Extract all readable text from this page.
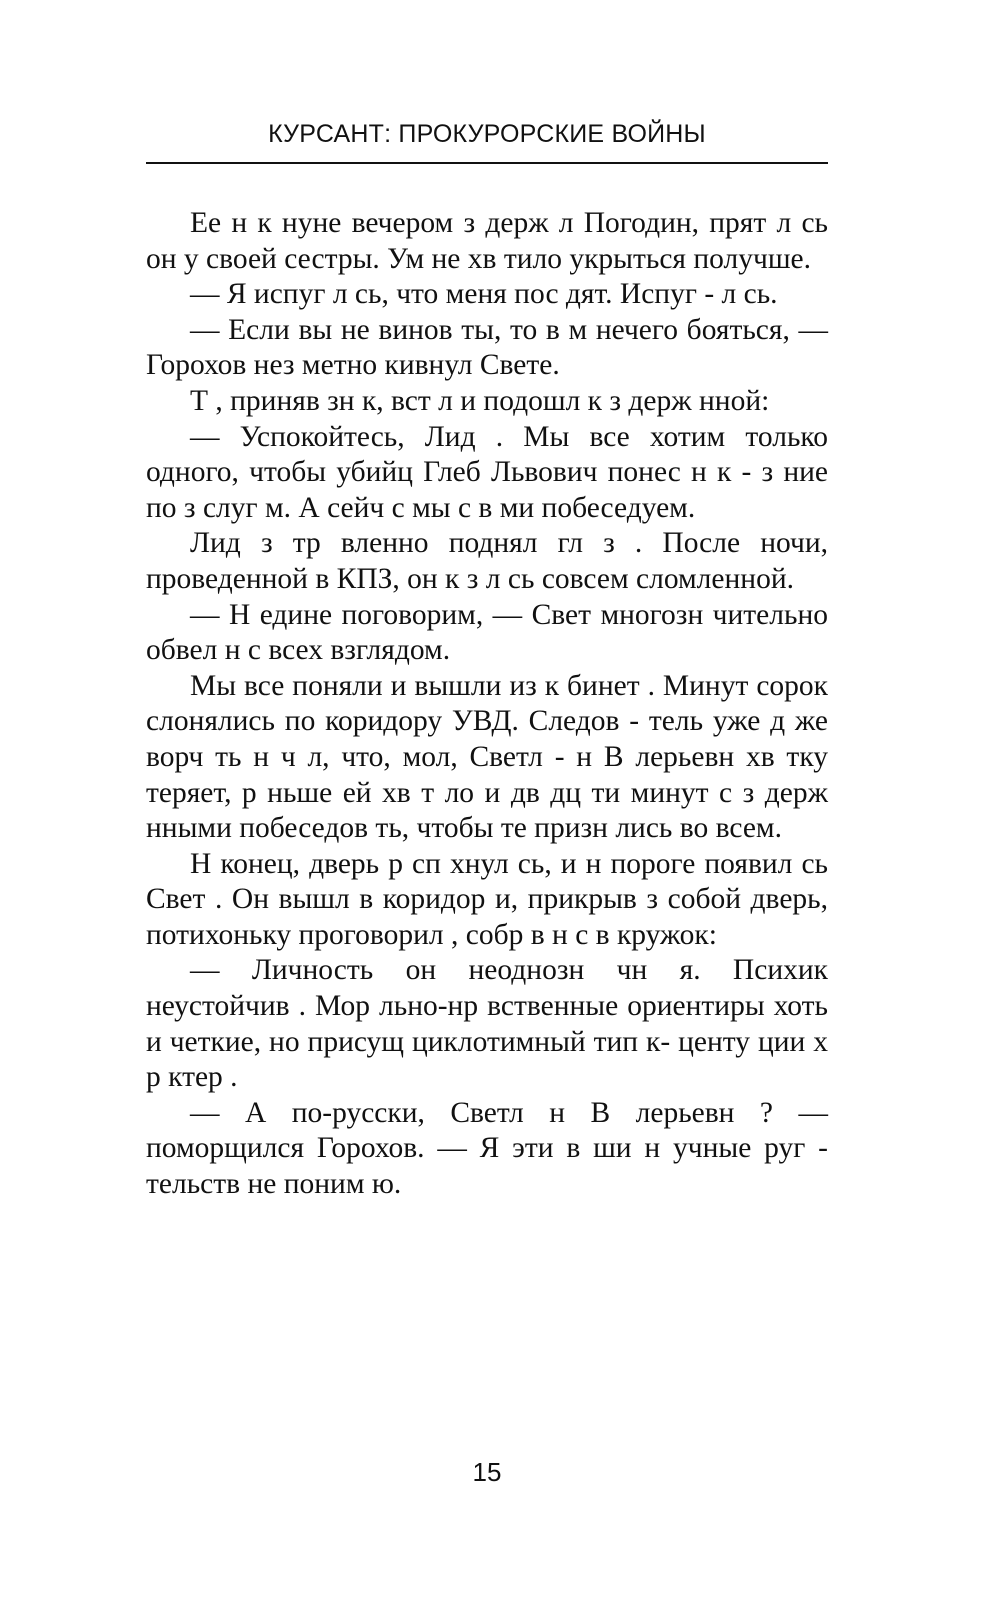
КУРСАНТ: ПРОКУРОРСКИЕ ВОЙНЫ

Ее н к нуне вечером з держ л Погодин, прят л сь он у своей сестры. Ум не хв тило укрыться получше.

— Я испуг л сь, что меня пос дят. Испуг - л сь.

— Если вы не винов ты, то в м нечего бояться, — Горохов нез метно кивнул Свете.

Т , приняв зн к, вст л и подошл к з держ нной:

— Успокойтесь, Лид . Мы все хотим только одного, чтобы убийц Глеб Львович понес н к - з ние по з слуг м. А сейч с мы с в ми побеседуем.

Лид з тр вленно поднял гл з . После ночи, проведенной в КПЗ, он к з л сь совсем сломленной.

— Н едине поговорим, — Свет многозн чительно обвел н с всех взглядом.

Мы все поняли и вышли из к бинет . Минут сорок слонялись по коридору УВД. Следов - тель уже д же ворч ть н ч л, что, мол, Светл - н В лерьевн хв тку теряет, р ньше ей хв т ло и дв дц ти минут с з держ нными побеседов ть, чтобы те призн лись во всем.

Н конец, дверь р сп хнул сь, и н пороге появил сь Свет . Он вышл в коридор и, прикрыв з собой дверь, потихоньку проговорил , собр в н с в кружок:

— Личность он неоднозн чн я. Психик неустойчив . Мор льно-нр вственные ориентиры хоть и четкие, но присущ циклотимный тип к- центу ции х р ктер .

— А по-русски, Светл н В лерьевн ? — поморщился Горохов. — Я эти в ши н учные руг - тельств не поним ю.

15
